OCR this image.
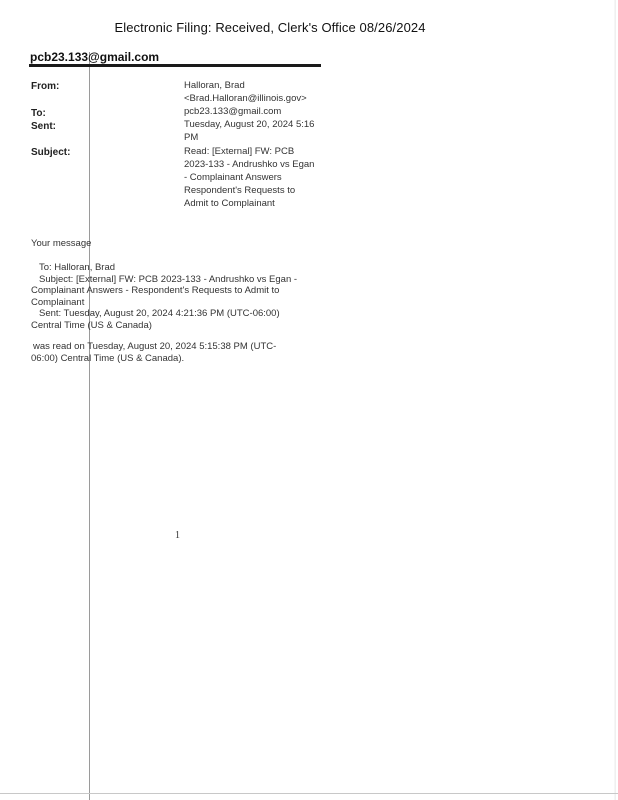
Electronic Filing: Received, Clerk's Office 08/26/2024
pcb23.133@gmail.com
From:	Halloran, Brad
<Brad.Halloran@illinois.gov>
To:	pcb23.133@gmail.com
Sent:	Tuesday, August 20, 2024 5:16
PM
Subject:	Read: [External] FW: PCB
2023-133 - Andrushko vs Egan
- Complainant Answers
Respondent's Requests to
Admit to Complainant
Your message
To: Halloran, Brad
Subject: [External] FW: PCB 2023-133 - Andrushko vs Egan -
Complainant Answers - Respondent's Requests to Admit to
Complainant
Sent: Tuesday, August 20, 2024 4:21:36 PM (UTC-06:00)
Central Time (US & Canada)
was read on Tuesday, August 20, 2024 5:15:38 PM (UTC-
06:00) Central Time (US & Canada).
1
